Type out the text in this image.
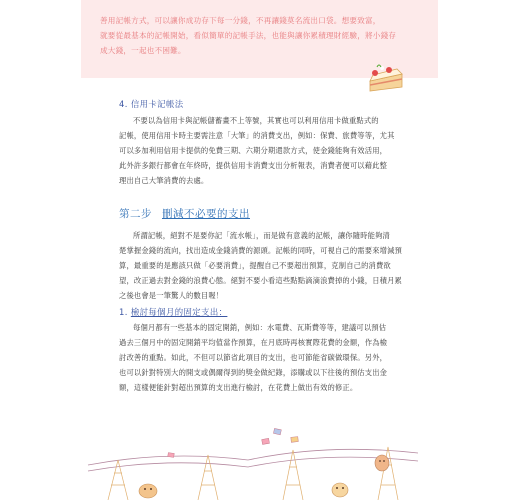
善用記帳方式，可以讓你成功存下每一分錢，不再讓錢莫名流出口袋。想要致富，
就要從最基本的記帳開始，看似簡單的記帳手法，也能與讓你累積理財經驗，將小錢存
成大錢，一起也不困難。
4. 信用卡記帳法
不要以為信用卡與記帳儲蓄畫不上等號，其實也可以利用信用卡做重點式的
記帳，使用信用卡時主要需注意「大筆」的消費支出，例如：保費、旅費等等，尤其
可以多加利用信用卡提供的免費三期、六期分期還款方式，使金錢能夠有效活用，
此外許多銀行都會在年終時，提供信用卡消費支出分析報表，消費者便可以藉此整
理出自己大筆消費的去處。
第二步 刪減不必要的支出
所謂記帳，絕對不是要你記「流水帳」，而是做有意義的記帳，讓你隨時能夠清
楚掌握金錢的流向，找出造成金錢消費的源頭。記帳的同時，可視自己的需要來增減預
算，最重要的是應該只做「必要消費」，提醒自己不要超出預算，克制自己的消費欲
望，改正過去對金錢的浪費心態。絕對不要小看這些點點滴滴浪費掉的小錢，日積月累
之後也會是一筆驚人的數目喔！
1. 檢討每個月的固定支出：
每個月都有一些基本的固定開銷，例如：水電費、瓦斯費等等，建議可以預估
過去三個月中的固定開銷平均值當作預算，在月底時再核實際花費的金額，作為檢
討改善的重點。如此，不但可以節省此項目的支出，也可節能省碳做環保。另外，
也可以針對特別大的開支或偶爾得到的獎金做紀錄，添購或以下往後的預估支出金
額，這樣便能針對超出預算的支出進行檢討，在花費上做出有效的修正。
